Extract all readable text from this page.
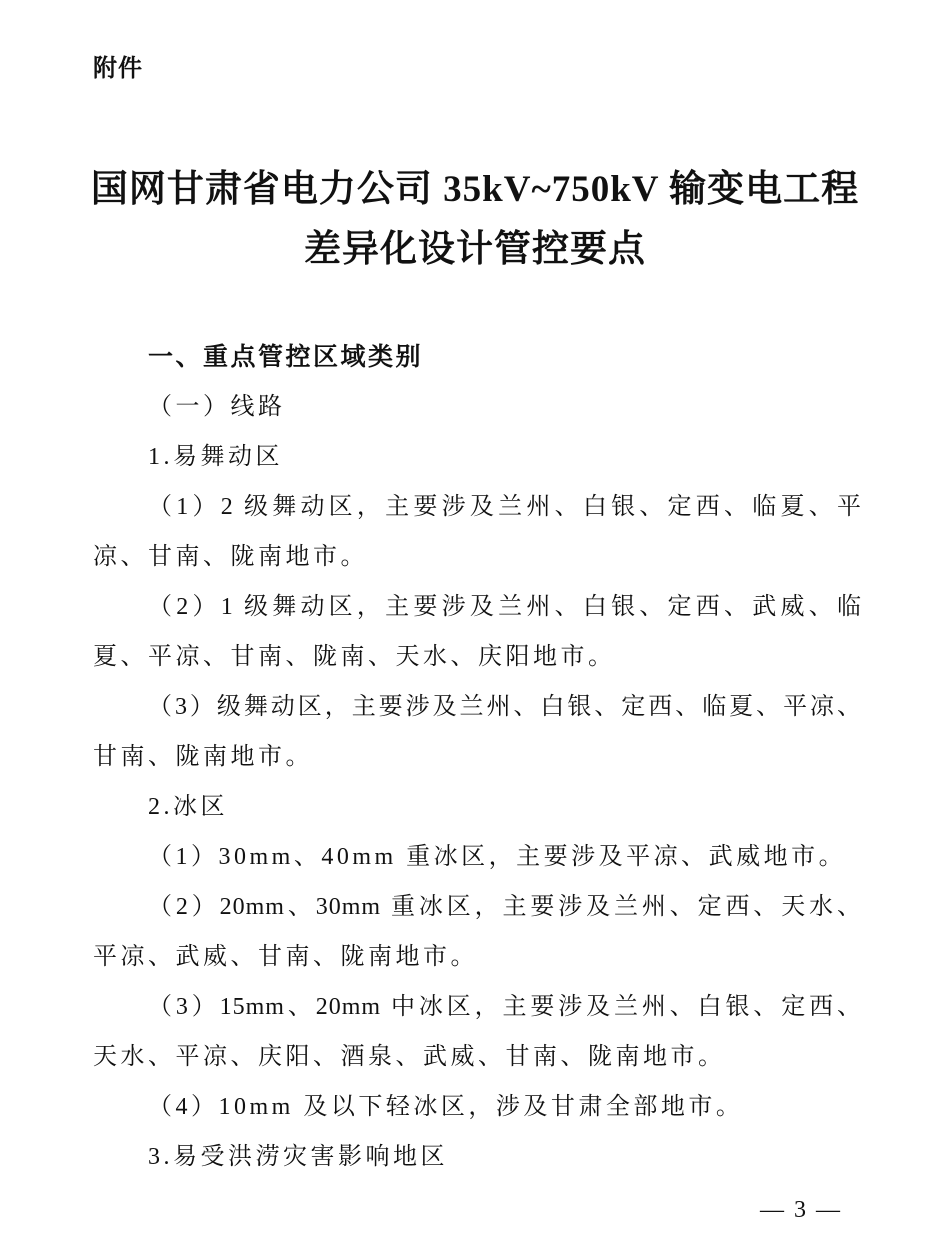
附件
国网甘肃省电力公司 35kV~750kV 输变电工程
差异化设计管控要点
一、重点管控区域类别
（一）线路
1.易舞动区
（1）2 级舞动区，主要涉及兰州、白银、定西、临夏、平
凉、甘南、陇南地市。
（2）1 级舞动区，主要涉及兰州、白银、定西、武威、临
夏、平凉、甘南、陇南、天水、庆阳地市。
（3）级舞动区，主要涉及兰州、白银、定西、临夏、平凉、
甘南、陇南地市。
2.冰区
（1）30mm、40mm 重冰区，主要涉及平凉、武威地市。
（2）20mm、30mm 重冰区，主要涉及兰州、定西、天水、
平凉、武威、甘南、陇南地市。
（3）15mm、20mm 中冰区，主要涉及兰州、白银、定西、
天水、平凉、庆阳、酒泉、武威、甘南、陇南地市。
（4）10mm 及以下轻冰区，涉及甘肃全部地市。
3.易受洪涝灾害影响地区
— 3 —
